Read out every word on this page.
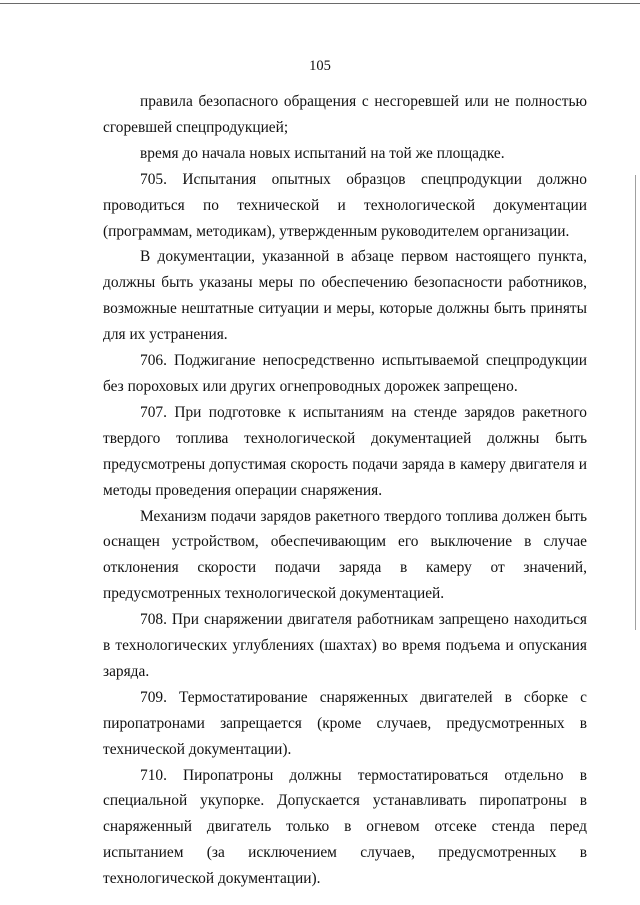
105

правила безопасного обращения с несгоревшей или не полностью сгоревшей спецпродукцией;

время до начала новых испытаний на той же площадке.

705. Испытания опытных образцов спецпродукции должно проводиться по технической и технологической документации (программам, методикам), утвержденным руководителем организации.

В документации, указанной в абзаце первом настоящего пункта, должны быть указаны меры по обеспечению безопасности работников, возможные нештатные ситуации и меры, которые должны быть приняты для их устранения.

706. Поджигание непосредственно испытываемой спецпродукции без пороховых или других огнепроводных дорожек запрещено.

707. При подготовке к испытаниям на стенде зарядов ракетного твердого топлива технологической документацией должны быть предусмотрены допустимая скорость подачи заряда в камеру двигателя и методы проведения операции снаряжения.

Механизм подачи зарядов ракетного твердого топлива должен быть оснащен устройством, обеспечивающим его выключение в случае отклонения скорости подачи заряда в камеру от значений, предусмотренных технологической документацией.

708. При снаряжении двигателя работникам запрещено находиться в технологических углублениях (шахтах) во время подъема и опускания заряда.

709. Термостатирование снаряженных двигателей в сборке с пиропатронами запрещается (кроме случаев, предусмотренных в технической документации).

710. Пиропатроны должны термостатироваться отдельно в специальной укупорке. Допускается устанавливать пиропатроны в снаряженный двигатель только в огневом отсеке стенда перед испытанием (за исключением случаев, предусмотренных в технологической документации).
